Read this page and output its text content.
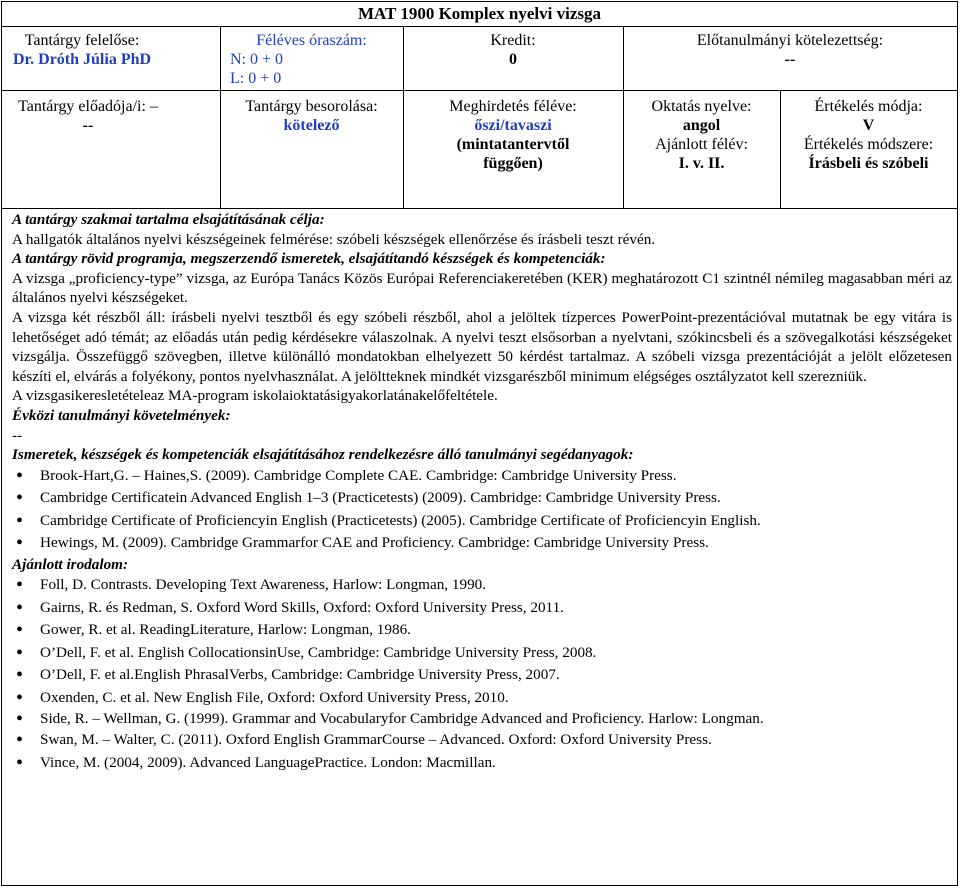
MAT 1900 Komplex nyelvi vizsga
Tantárgy felelőse:
Dr. Dróth Júlia PhD
Féléves óraszám:
N: 0 + 0
L: 0 + 0
Kredit:
0
Előtanulmányi kötelezettség:
--
Tantárgy előadója/i: –
--
Tantárgy besorolása:
kötelező
Meghirdetés féléve:
őszi/tavaszi
(mintatantervtől
függően)
Oktatás nyelve:
angol
Ajánlott félév:
I. v. II.
Értékelés módja:
V
Értékelés módszere:
Írásbeli és szóbeli

A tantárgy szakmai tartalma elsajátításának célja:

A hallgatók általános nyelvi készségeinek felmérése: szóbeli készségek ellenőrzése és írásbeli teszt révén.

A tantárgy rövid programja, megszerzendő ismeretek, elsajátítandó készségek és kompetenciák:

A vizsga „proficiency-type” vizsga, az Európa Tanács Közös Európai Referenciakeretében (KER) meghatározott C1 szintnél némileg magasabban méri az általános nyelvi készségeket.

A vizsga két részből áll: írásbeli nyelvi tesztből és egy szóbeli részből, ahol a jelöltek tízperces PowerPoint-prezentációval mutatnak be egy vitára is lehetőséget adó témát; az előadás után pedig kérdésekre válaszolnak. A nyelvi teszt elsősorban a nyelvtani, szókincsbeli és a szövegalkotási készségeket vizsgálja. Összefüggő szövegben, illetve különálló mondatokban elhelyezett 50 kérdést tartalmaz. A szóbeli vizsga prezentációját a jelölt előzetesen készíti el, elvárás a folyékony, pontos nyelvhasználat. A jelöltteknek mindkét vizsgarészből minimum elégséges osztályzatot kell szerezniük.

A vizsgasikeresletételeaz MA-program iskolaioktatásigyakorlatánakelőfeltétele.

Évközi tanulmányi követelmények:

--

Ismeretek, készségek és kompetenciák elsajátításához rendelkezésre álló tanulmányi segédanyagok:

• Brook-Hart,G. – Haines,S. (2009). Cambridge Complete CAE. Cambridge: Cambridge University Press.
• Cambridge Certificatein Advanced English 1–3 (Practicetests) (2009). Cambridge: Cambridge University Press.
• Cambridge Certificate of Proficiencyin English (Practicetests) (2005). Cambridge Certificate of Proficiencyin English.
• Hewings, M. (2009). Cambridge Grammarfor CAE and Proficiency. Cambridge: Cambridge University Press.

Ajánlott irodalom:

• Foll, D. Contrasts. Developing Text Awareness, Harlow: Longman, 1990.
• Gairns, R. és Redman, S. Oxford Word Skills, Oxford: Oxford University Press, 2011.
• Gower, R. et al. ReadingLiterature, Harlow: Longman, 1986.
• O’Dell, F. et al. English CollocationsinUse, Cambridge: Cambridge University Press, 2008.
• O’Dell, F. et al.English PhrasalVerbs, Cambridge: Cambridge University Press, 2007.
• Oxenden, C. et al. New English File, Oxford: Oxford University Press, 2010.
• Side, R. – Wellman, G. (1999). Grammar and Vocabularyfor Cambridge Advanced and Proficiency. Harlow: Longman.
• Swan, M. – Walter, C. (2011). Oxford English GrammarCourse – Advanced. Oxford: Oxford University Press.
• Vince, M. (2004, 2009). Advanced LanguagePractice. London: Macmillan.
